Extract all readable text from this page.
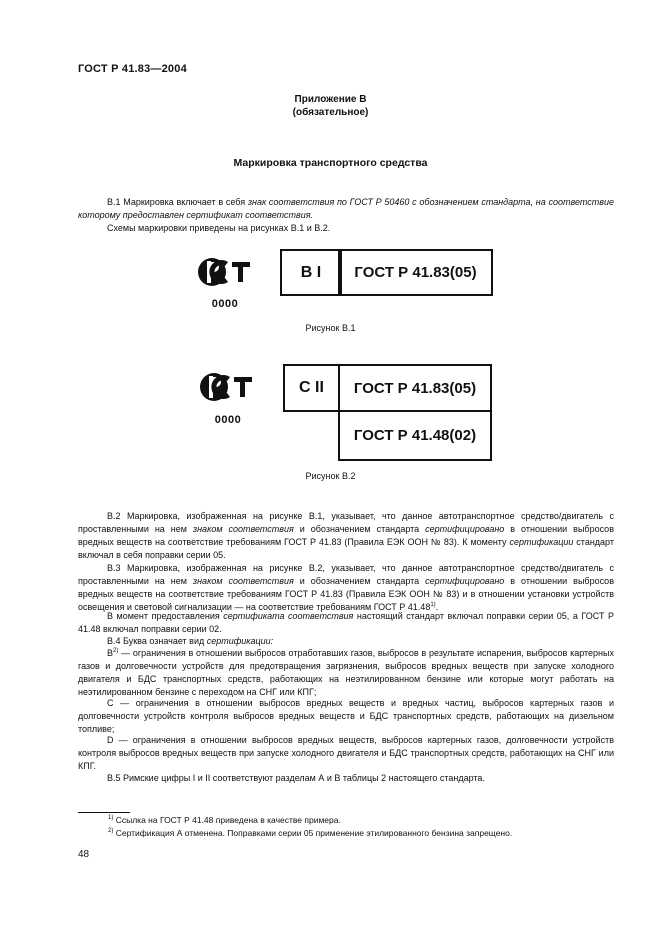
ГОСТ Р 41.83—2004
Приложение В
(обязательное)
Маркировка транспортного средства
В.1 Маркировка включает в себя знак соответствия по ГОСТ Р 50460 с обозначением стандарта, на соответствие которому предоставлен сертификат соответствия.
Схемы маркировки приведены на рисунках В.1 и В.2.
0000
В I	ГОСТ Р 41.83(05)
Рисунок В.1
0000
С II	ГОСТ Р 41.83(05)
ГОСТ Р 41.48(02)
Рисунок В.2
В.2 Маркировка, изображенная на рисунке В.1, указывает, что данное автотранспортное средство/двигатель с проставленными на нем знаком соответствия и обозначением стандарта сертифицировано в отношении выбросов вредных веществ на соответствие требованиям ГОСТ Р 41.83 (Правила ЕЭК ООН № 83). К моменту сертификации стандарт включал в себя поправки серии 05.
В.3 Маркировка, изображенная на рисунке В.2, указывает, что данное автотранспортное средство/двигатель с проставленными на нем знаком соответствия и обозначением стандарта сертифицировано в отношении выбросов вредных веществ на соответствие требованиям ГОСТ Р 41.83 (Правила ЕЭК ООН № 83) и в отношении установки устройств освещения и световой сигнализации — на соответствие требованиям ГОСТ Р 41.48$^{1)}$.
В момент предоставления сертификата соответствия настоящий стандарт включал поправки серии 05, а ГОСТ Р 41.48 включал поправки серии 02.
В.4 Буква означает вид сертификации:
$В^{2)}$ — ограничения в отношении выбросов отработавших газов, выбросов в результате испарения, выбросов картерных газов и долговечности устройств для предотвращения загрязнения, выбросов вредных веществ при запуске холодного двигателя и БДС транспортных средств, работающих на неэтилированном бензине или которые могут работать на неэтилированном бензине с переходом на СНГ или КПГ;
С — ограничения в отношении выбросов вредных веществ и вредных частиц, выбросов картерных газов и долговечности устройств контроля выбросов вредных веществ и БДС транспортных средств, работающих на дизельном топливе;
D — ограничения в отношении выбросов вредных веществ, выбросов картерных газов, долговечности устройств контроля выбросов вредных веществ при запуске холодного двигателя и БДС транспортных средств, работающих на СНГ или КПГ.
В.5 Римские цифры I и II соответствуют разделам А и В таблицы 2 настоящего стандарта.
$^{1)}$ Ссылка на ГОСТ Р 41.48 приведена в качестве примера.
$^{2)}$ Сертификация А отменена. Поправками серии 05 применение этилированного бензина запрещено.
48
